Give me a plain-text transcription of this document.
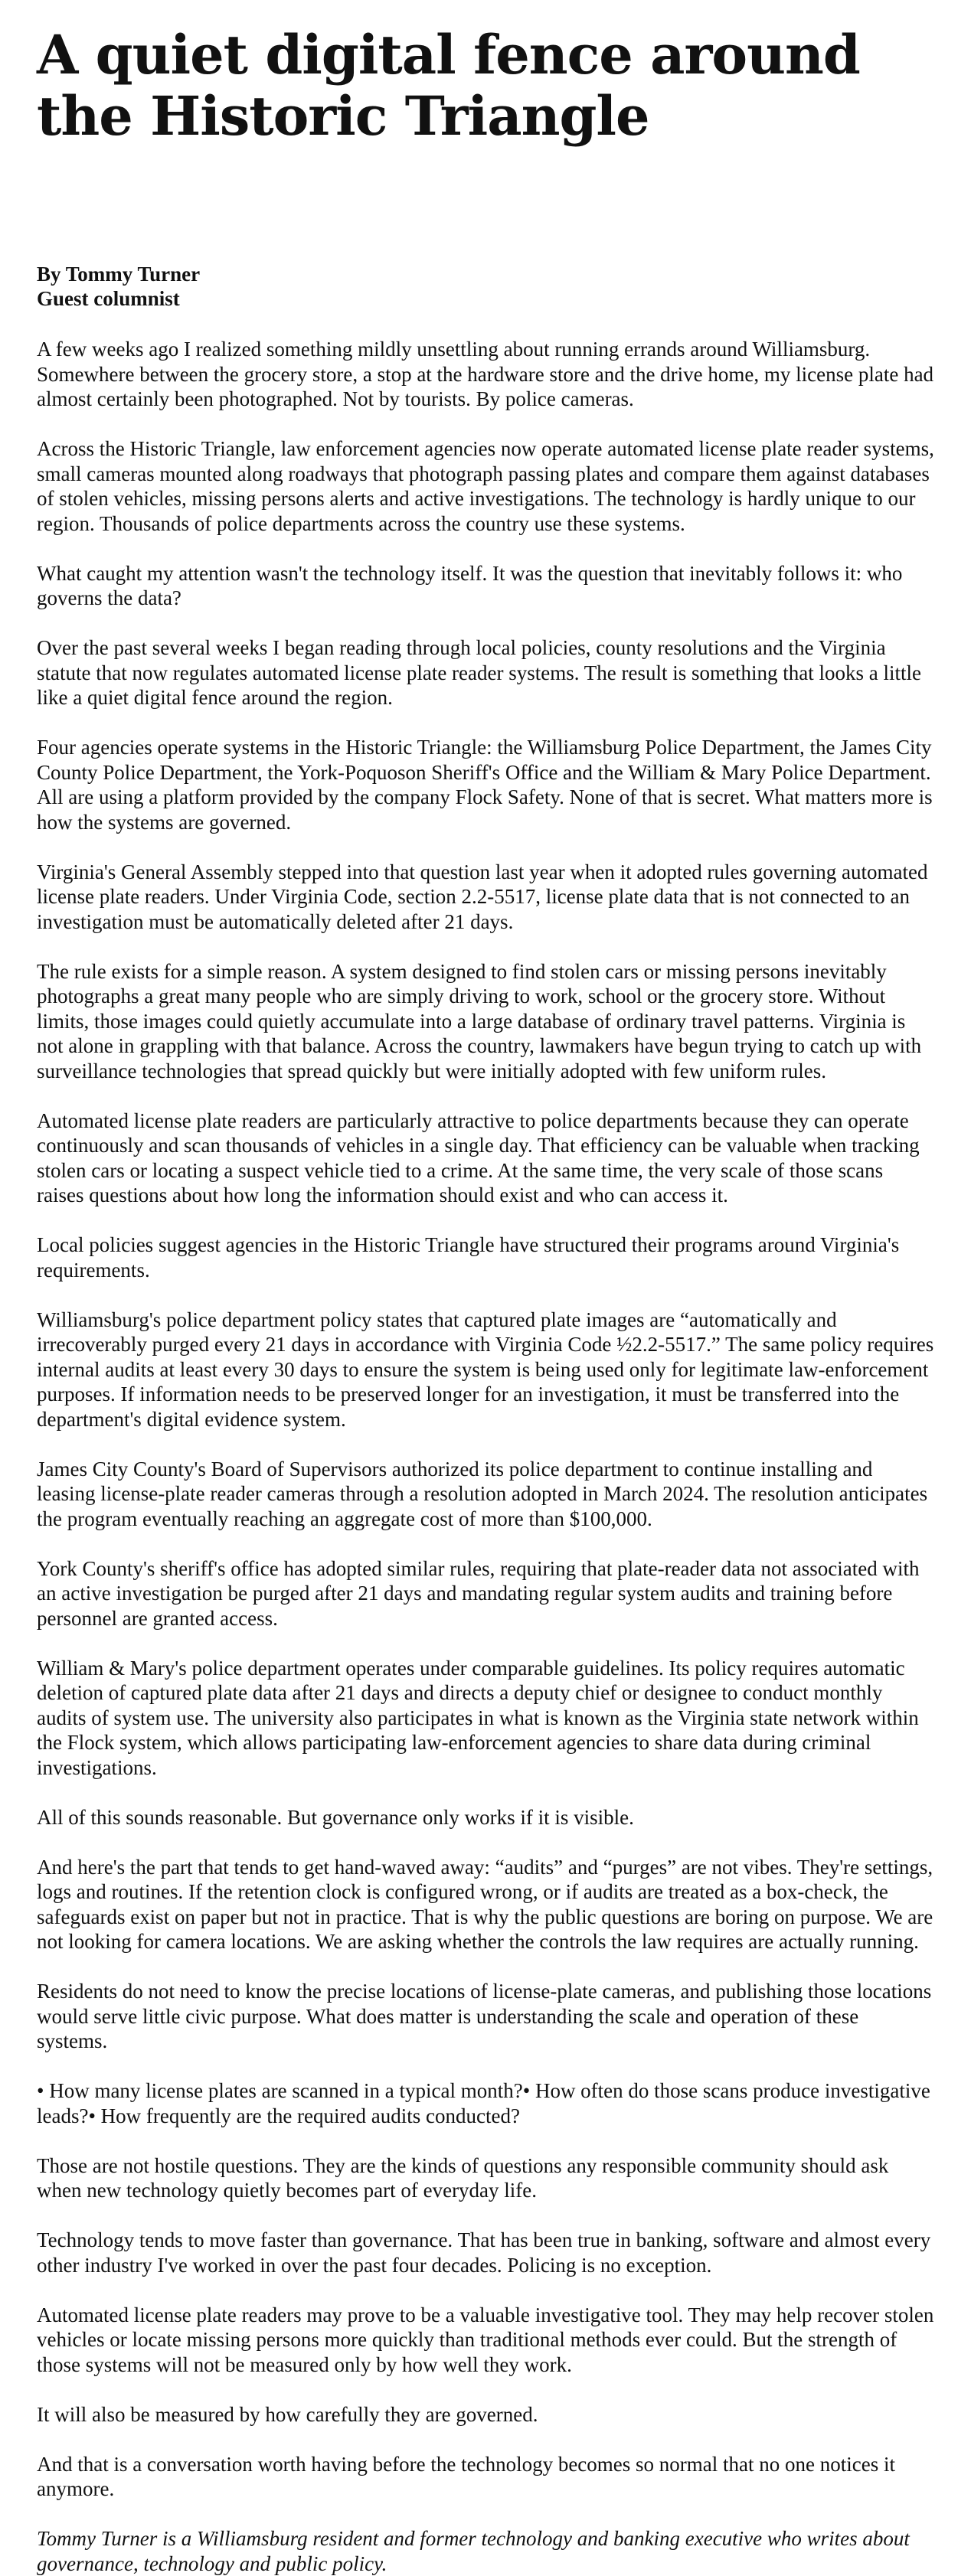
A quiet digital fence around the Historic Triangle
By Tommy Turner
Guest columnist

A few weeks ago I realized something mildly unsettling about running errands around Williamsburg. Somewhere between the grocery store, a stop at the hardware store and the drive home, my license plate had almost certainly been photographed. Not by tourists. By police cameras.

Across the Historic Triangle, law enforcement agencies now operate automated license plate reader systems, small cameras mounted along roadways that photograph passing plates and compare them against databases of stolen vehicles, missing persons alerts and active investigations. The technology is hardly unique to our region. Thousands of police departments across the country use these systems.

What caught my attention wasn't the technology itself. It was the question that inevitably follows it: who governs the data?

Over the past several weeks I began reading through local policies, county resolutions and the Virginia statute that now regulates automated license plate reader systems. The result is something that looks a little like a quiet digital fence around the region.

Four agencies operate systems in the Historic Triangle: the Williamsburg Police Department, the James City County Police Department, the York-Poquoson Sheriff's Office and the William & Mary Police Department. All are using a platform provided by the company Flock Safety. None of that is secret. What matters more is how the systems are governed.

Virginia's General Assembly stepped into that question last year when it adopted rules governing automated license plate readers. Under Virginia Code, section 2.2-5517, license plate data that is not connected to an investigation must be automatically deleted after 21 days.

The rule exists for a simple reason. A system designed to find stolen cars or missing persons inevitably photographs a great many people who are simply driving to work, school or the grocery store. Without limits, those images could quietly accumulate into a large database of ordinary travel patterns. Virginia is not alone in grappling with that balance. Across the country, lawmakers have begun trying to catch up with surveillance technologies that spread quickly but were initially adopted with few uniform rules.

Automated license plate readers are particularly attractive to police departments because they can operate continuously and scan thousands of vehicles in a single day. That efficiency can be valuable when tracking stolen cars or locating a suspect vehicle tied to a crime. At the same time, the very scale of those scans raises questions about how long the information should exist and who can access it.

Local policies suggest agencies in the Historic Triangle have structured their programs around Virginia's requirements.

Williamsburg's police department policy states that captured plate images are “automatically and irrecoverably purged every 21 days in accordance with Virginia Code ½2.2-5517.” The same policy requires internal audits at least every 30 days to ensure the system is being used only for legitimate law-enforcement purposes. If information needs to be preserved longer for an investigation, it must be transferred into the department's digital evidence system.

James City County's Board of Supervisors authorized its police department to continue installing and leasing license-plate reader cameras through a resolution adopted in March 2024. The resolution anticipates the program eventually reaching an aggregate cost of more than $100,000.

York County's sheriff's office has adopted similar rules, requiring that plate-reader data not associated with an active investigation be purged after 21 days and mandating regular system audits and training before personnel are granted access.

William & Mary's police department operates under comparable guidelines. Its policy requires automatic deletion of captured plate data after 21 days and directs a deputy chief or designee to conduct monthly audits of system use. The university also participates in what is known as the Virginia state network within the Flock system, which allows participating law-enforcement agencies to share data during criminal investigations.

All of this sounds reasonable. But governance only works if it is visible.

And here's the part that tends to get hand-waved away: “audits” and “purges” are not vibes. They're settings, logs and routines. If the retention clock is configured wrong, or if audits are treated as a box-check, the safeguards exist on paper but not in practice. That is why the public questions are boring on purpose. We are not looking for camera locations. We are asking whether the controls the law requires are actually running.

Residents do not need to know the precise locations of license-plate cameras, and publishing those locations would serve little civic purpose. What does matter is understanding the scale and operation of these systems.

• How many license plates are scanned in a typical month?• How often do those scans produce investigative leads?• How frequently are the required audits conducted?

Those are not hostile questions. They are the kinds of questions any responsible community should ask when new technology quietly becomes part of everyday life.

Technology tends to move faster than governance. That has been true in banking, software and almost every other industry I've worked in over the past four decades. Policing is no exception.

Automated license plate readers may prove to be a valuable investigative tool. They may help recover stolen vehicles or locate missing persons more quickly than traditional methods ever could. But the strength of those systems will not be measured only by how well they work.

It will also be measured by how carefully they are governed.

And that is a conversation worth having before the technology becomes so normal that no one notices it anymore.

Tommy Turner is a Williamsburg resident and former technology and banking executive who writes about governance, technology and public policy.
